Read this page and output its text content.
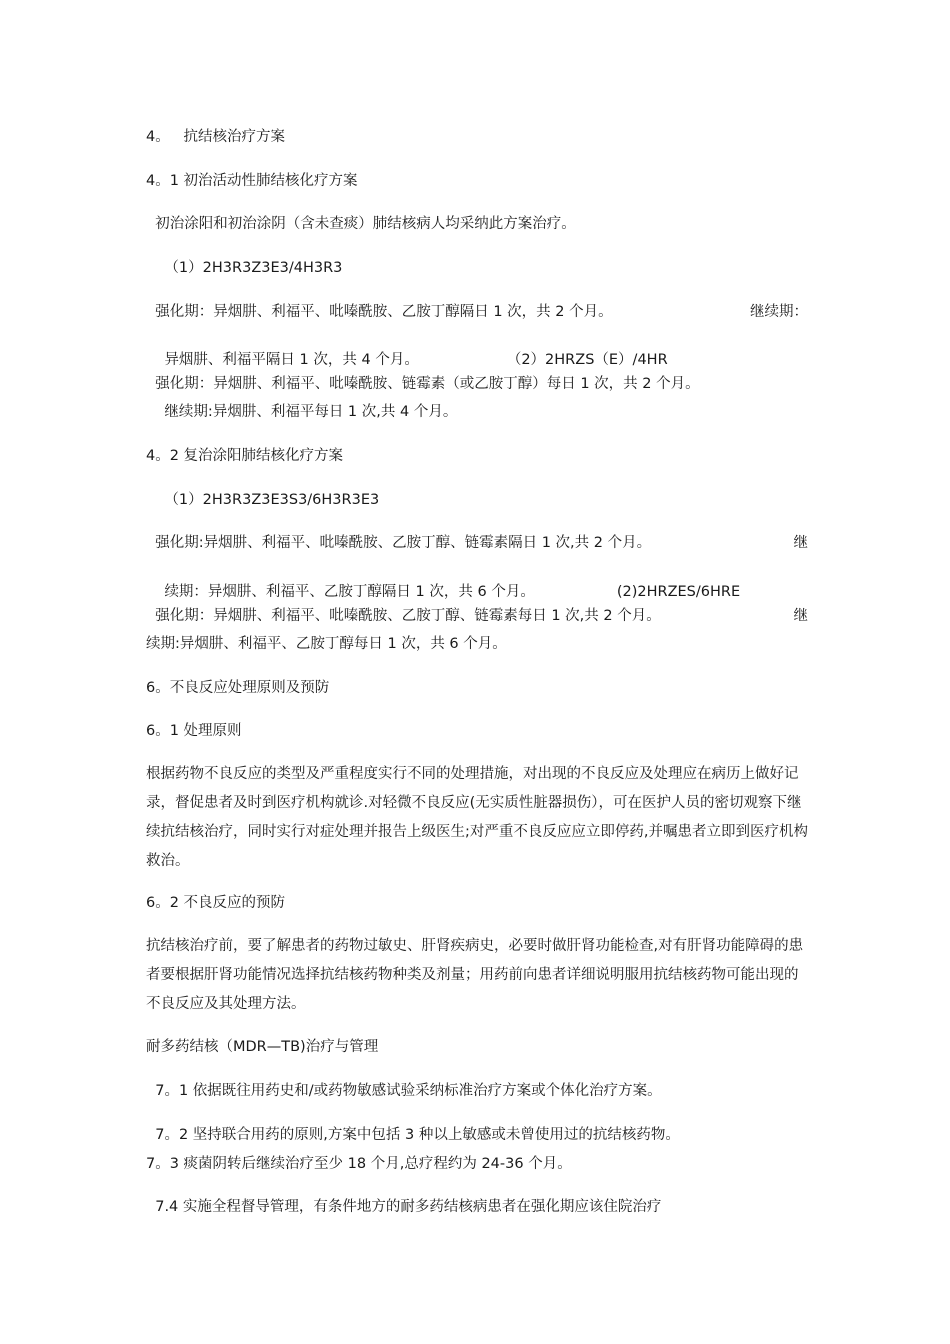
4。   抗结核治疗方案
4。1 初治活动性肺结核化疗方案
初治涂阳和初治涂阴（含未查痰）肺结核病人均采纳此方案治疗。
（1）2H3R3Z3E3/4H3R3
强化期：异烟肼、利福平、吡嗪酰胺、乙胺丁醇隔日 1 次，共 2 个月。	继续期：

异烟肼、利福平隔日 1 次，共 4 个月。	（2）2HRZS（E）/4HR

强化期：异烟肼、利福平、吡嗪酰胺、链霉素（或乙胺丁醇）每日 1 次，共 2 个月。
继续期:异烟肼、利福平每日 1 次,共 4 个月。
4。2 复治涂阳肺结核化疗方案
（1）2H3R3Z3E3S3/6H3R3E3
强化期:异烟肼、利福平、吡嗪酰胺、乙胺丁醇、链霉素隔日 1 次,共 2 个月。	继

续期：异烟肼、利福平、乙胺丁醇隔日 1 次，共 6 个月。	(2)2HRZES/6HRE

强化期：异烟肼、利福平、吡嗪酰胺、乙胺丁醇、链霉素每日 1 次,共 2 个月。	继
续期:异烟肼、利福平、乙胺丁醇每日 1 次，共 6 个月。
6。不良反应处理原则及预防
6。1 处理原则
根据药物不良反应的类型及严重程度实行不同的处理措施，对出现的不良反应及处理应在病历上做好记录，督促患者及时到医疗机构就诊.对轻微不良反应(无实质性脏器损伤），可在医护人员的密切观察下继续抗结核治疗，同时实行对症处理并报告上级医生;对严重不良反应应立即停药,并嘱患者立即到医疗机构救治。
6。2 不良反应的预防
抗结核治疗前，要了解患者的药物过敏史、肝肾疾病史，必要时做肝肾功能检查,对有肝肾功能障碍的患者要根据肝肾功能情况选择抗结核药物种类及剂量；用药前向患者详细说明服用抗结核药物可能出现的不良反应及其处理方法。
耐多药结核（MDR—TB)治疗与管理
7。1 依据既往用药史和/或药物敏感试验采纳标准治疗方案或个体化治疗方案。
7。2 坚持联合用药的原则,方案中包括 3 种以上敏感或未曾使用过的抗结核药物。
7。3 痰菌阴转后继续治疗至少 18 个月,总疗程约为 24-36 个月。
7.4 实施全程督导管理，有条件地方的耐多药结核病患者在强化期应该住院治疗
